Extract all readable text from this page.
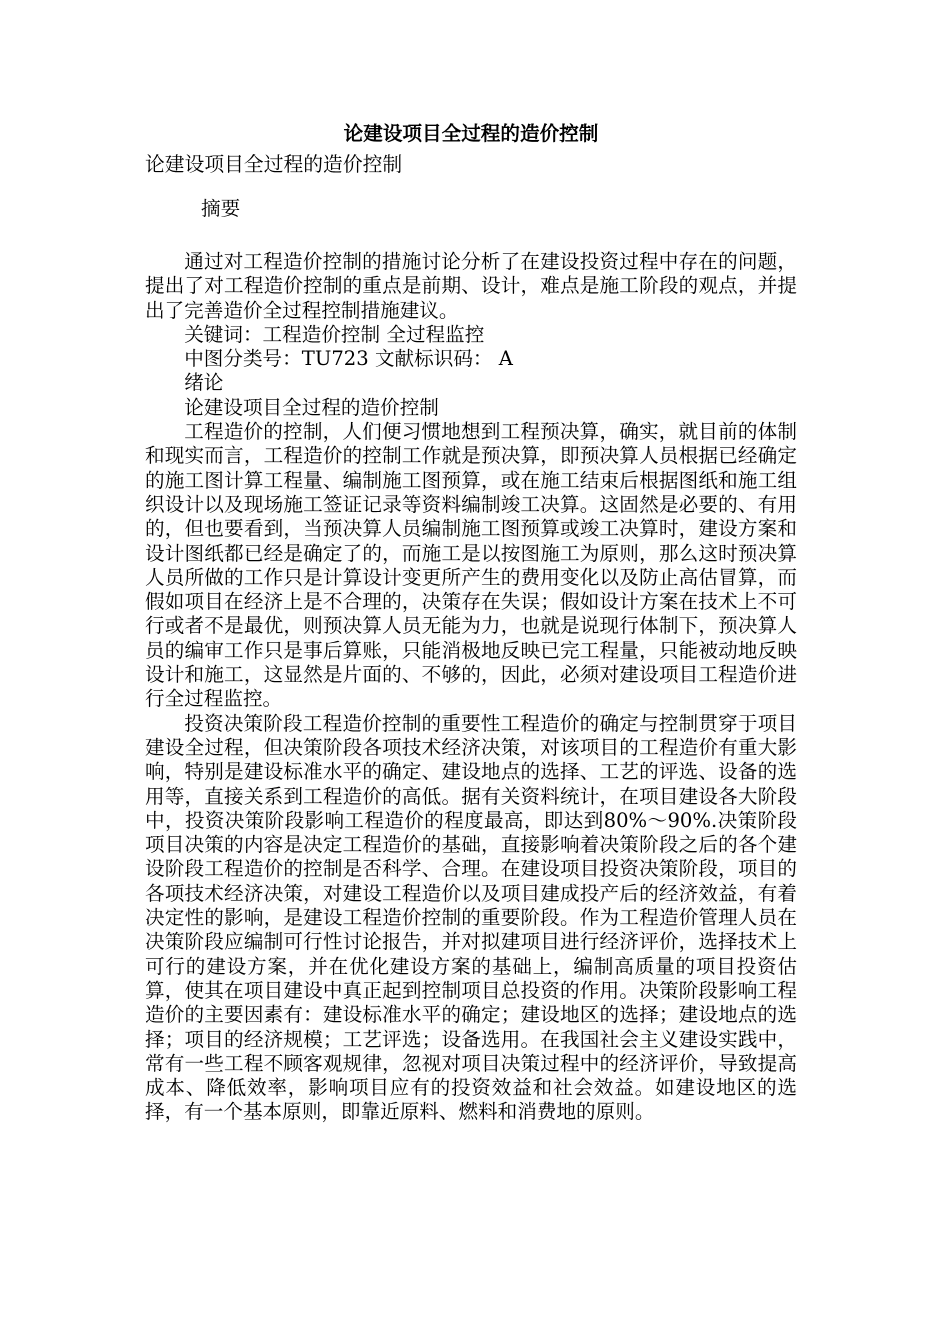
论建设项目全过程的造价控制

论建设项目全过程的造价控制

摘要

通过对工程造价控制的措施讨论分析了在建设投资过程中存在的问题，提出了对工程造价控制的重点是前期、设计，难点是施工阶段的观点，并提出了完善造价全过程控制措施建议。

关键词：工程造价控制 全过程监控

中图分类号：TU723 文献标识码： A

绪论

论建设项目全过程的造价控制

工程造价的控制，人们便习惯地想到工程预决算，确实，就目前的体制和现实而言，工程造价的控制工作就是预决算，即预决算人员根据已经确定的施工图计算工程量、编制施工图预算，或在施工结束后根据图纸和施工组织设计以及现场施工签证记录等资料编制竣工决算。这固然是必要的、有用的，但也要看到，当预决算人员编制施工图预算或竣工决算时，建设方案和设计图纸都已经是确定了的，而施工是以按图施工为原则，那么这时预决算人员所做的工作只是计算设计变更所产生的费用变化以及防止高估冒算，而假如项目在经济上是不合理的，决策存在失误；假如设计方案在技术上不可行或者不是最优，则预决算人员无能为力，也就是说现行体制下，预决算人员的编审工作只是事后算账，只能消极地反映已完工程量，只能被动地反映设计和施工，这显然是片面的、不够的，因此，必须对建设项目工程造价进行全过程监控。

投资决策阶段工程造价控制的重要性工程造价的确定与控制贯穿于项目建设全过程，但决策阶段各项技术经济决策，对该项目的工程造价有重大影响，特别是建设标准水平的确定、建设地点的选择、工艺的评选、设备的选用等，直接关系到工程造价的高低。据有关资料统计，在项目建设各大阶段中，投资决策阶段影响工程造价的程度最高，即达到80%～90%.决策阶段项目决策的内容是决定工程造价的基础，直接影响着决策阶段之后的各个建设阶段工程造价的控制是否科学、合理。在建设项目投资决策阶段，项目的各项技术经济决策，对建设工程造价以及项目建成投产后的经济效益，有着决定性的影响，是建设工程造价控制的重要阶段。作为工程造价管理人员在决策阶段应编制可行性讨论报告，并对拟建项目进行经济评价，选择技术上可行的建设方案，并在优化建设方案的基础上，编制高质量的项目投资估算，使其在项目建设中真正起到控制项目总投资的作用。决策阶段影响工程造价的主要因素有：建设标准水平的确定；建设地区的选择；建设地点的选择；项目的经济规模；工艺评选；设备选用。在我国社会主义建设实践中，常有一些工程不顾客观规律，忽视对项目决策过程中的经济评价，导致提高成本、降低效率，影响项目应有的投资效益和社会效益。如建设地区的选择，有一个基本原则，即靠近原料、燃料和消费地的原则。
